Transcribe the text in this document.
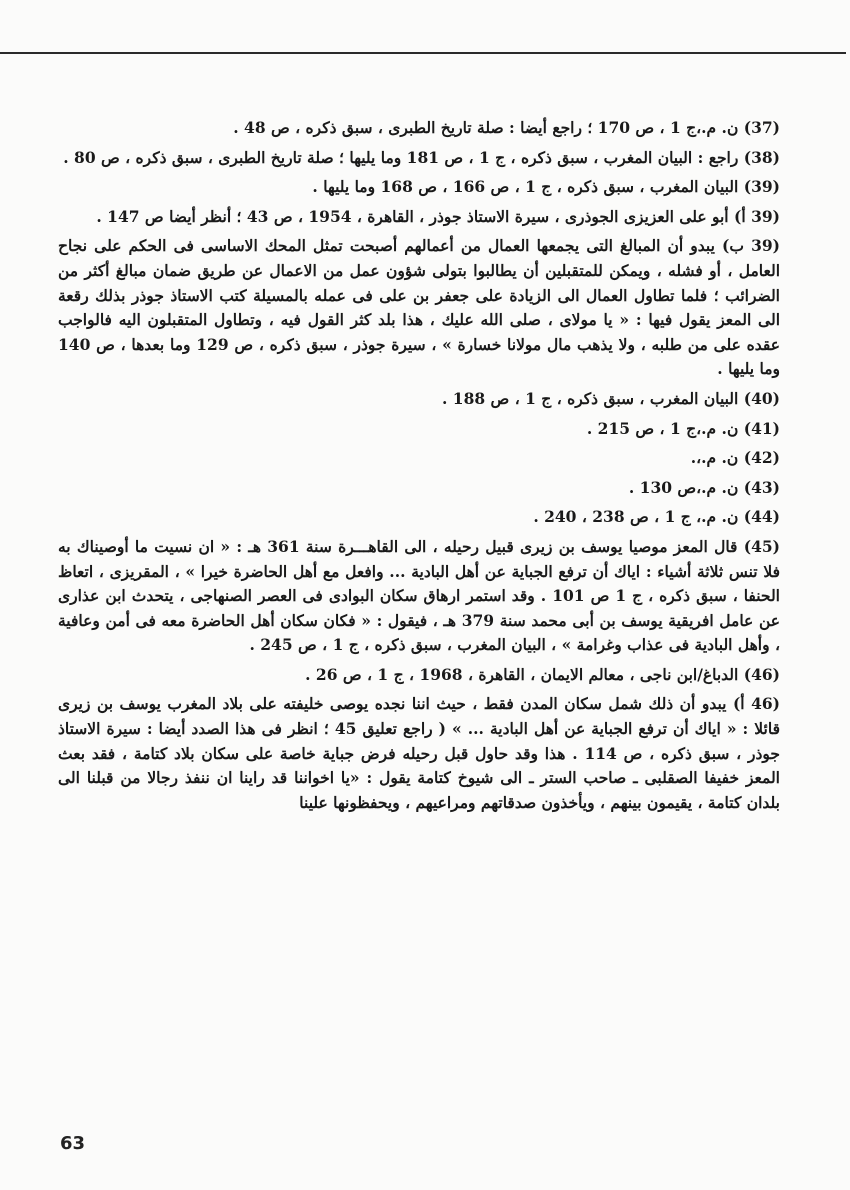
(37) ن. م.،ج 1 ، ص 170 ؛ راجع أيضا : صلة تاريخ الطبرى ، سبق ذكره ، ص 48 .

(38) راجع : البيان المغرب ، سبق ذكره ، ج 1 ، ص 181 وما يليها ؛ صلة تاريخ الطبرى ، سبق ذكره ، ص 80 .

(39) البيان المغرب ، سبق ذكره ، ج 1 ، ص 166 ، ص 168 وما يليها .

(39 أ) أبو على العزيزى الجوذرى ، سيرة الاستاذ جوذر ، القاهرة ، 1954 ، ص 43 ؛ أنظر أيضا ص 147 .

(39 ب) يبدو أن المبالغ التى يجمعها العمال من أعمالهم أصبحت تمثل المحك الاساسى فى الحكم على نجاح العامل ، أو فشله ، ويمكن للمتقبلين أن يطالبوا بتولى شؤون عمل من الاعمال عن طريق ضمان مبالغ أكثر من الضرائب ؛ فلما تطاول العمال الى الزيادة على جعفر بن على فى عمله بالمسيلة كتب الاستاذ جوذر بذلك رقعة الى المعز يقول فيها : « يا مولاى ، صلى الله عليك ، هذا بلد كثر القول فيه ، وتطاول المتقبلون اليه فالواجب عقده على من طلبه ، ولا يذهب مال مولانا خسارة » ، سيرة جوذر ، سبق ذكره ، ص 129 وما بعدها ، ص 140 وما يليها .

(40) البيان المغرب ، سبق ذكره ، ج 1 ، ص 188 .

(41) ن. م.،ج 1 ، ص 215 .

(42) ن. م.،.

(43) ن. م.،ص 130 .

(44) ن. م.، ج 1 ، ص 238 ، 240 .

(45) قال المعز موصيا يوسف بن زيرى قبيل رحيله ، الى القاهـــرة سنة 361 هـ : « ان نسيت ما أوصيناك به فلا تنس ثلاثة أشياء : اياك أن ترفع الجباية عن أهل البادية ... وافعل مع أهل الحاضرة خيرا » ، المقريزى ، اتعاظ الحنفا ، سبق ذكره ، ج 1 ص 101 . وقد استمر ارهاق سكان البوادى فى العصر الصنهاجى ، يتحدث ابن عذارى عن عامل افريقية يوسف بن أبى محمد سنة 379 هـ ، فيقول : « فكان سكان أهل الحاضرة معه فى أمن وعافية ، وأهل البادية فى عذاب وغرامة » ، البيان المغرب ، سبق ذكره ، ج 1 ، ص 245 .

(46) الدباغ/ابن ناجى ، معالم الايمان ، القاهرة ، 1968 ، ج 1 ، ص 26 .

(46 أ) يبدو أن ذلك شمل سكان المدن فقط ، حيث اننا نجده يوصى خليفته على بلاد المغرب يوسف بن زيرى قائلا : « اياك أن ترفع الجباية عن أهل البادية ... » ( راجع تعليق 45 ؛ انظر فى هذا الصدد أيضا : سيرة الاستاذ جوذر ، سبق ذكره ، ص 114 . هذا وقد حاول قبل رحيله فرض جباية خاصة على سكان بلاد كتامة ، فقد بعث المعز خفيفا الصقلبى ـ صاحب الستر ـ الى شيوخ كتامة يقول : «يا اخواننا قد راينا ان ننفذ رجالا من قبلنا الى بلدان كتامة ، يقيمون بينهم ، ويأخذون صدقاتهم ومراعيهم ، ويحفظونها علينا

63
